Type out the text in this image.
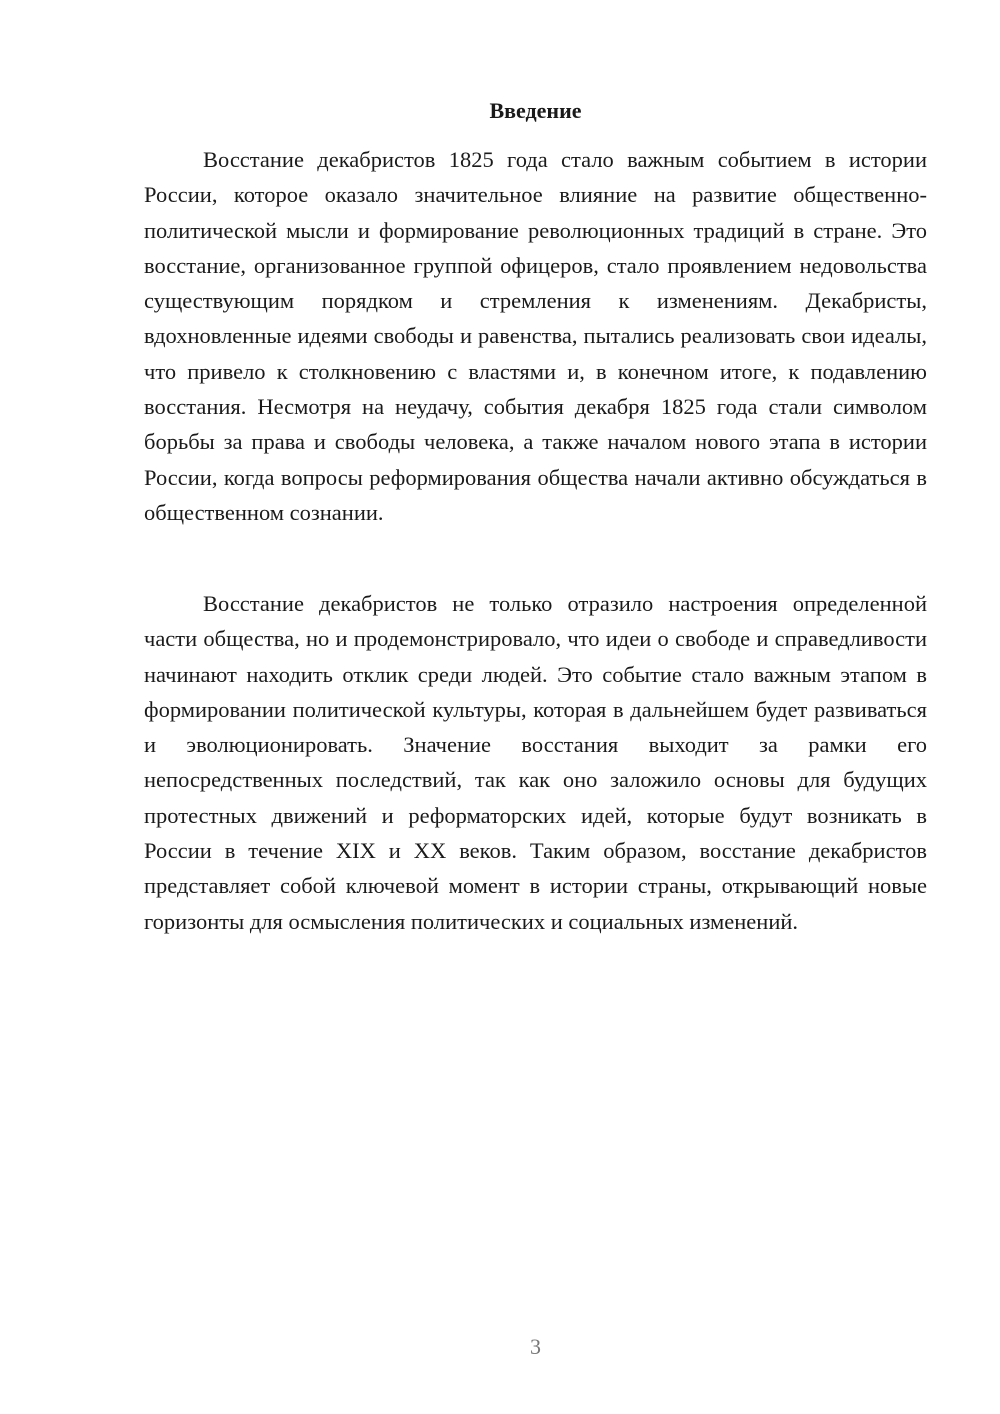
Введение

Восстание декабристов 1825 года стало важным событием в истории России, которое оказало значительное влияние на развитие общественно-политической мысли и формирование революционных традиций в стране. Это восстание, организованное группой офицеров, стало проявлением недовольства существующим порядком и стремления к изменениям. Декабристы, вдохновленные идеями свободы и равенства, пытались реализовать свои идеалы, что привело к столкновению с властями и, в конечном итоге, к подавлению восстания. Несмотря на неудачу, события декабря 1825 года стали символом борьбы за права и свободы человека, а также началом нового этапа в истории России, когда вопросы реформирования общества начали активно обсуждаться в общественном сознании.

Восстание декабристов не только отразило настроения определенной части общества, но и продемонстрировало, что идеи о свободе и справедливости начинают находить отклик среди людей. Это событие стало важным этапом в формировании политической культуры, которая в дальнейшем будет развиваться и эволюционировать. Значение восстания выходит за рамки его непосредственных последствий, так как оно заложило основы для будущих протестных движений и реформаторских идей, которые будут возникать в России в течение XIX и XX веков. Таким образом, восстание декабристов представляет собой ключевой момент в истории страны, открывающий новые горизонты для осмысления политических и социальных изменений.

3
